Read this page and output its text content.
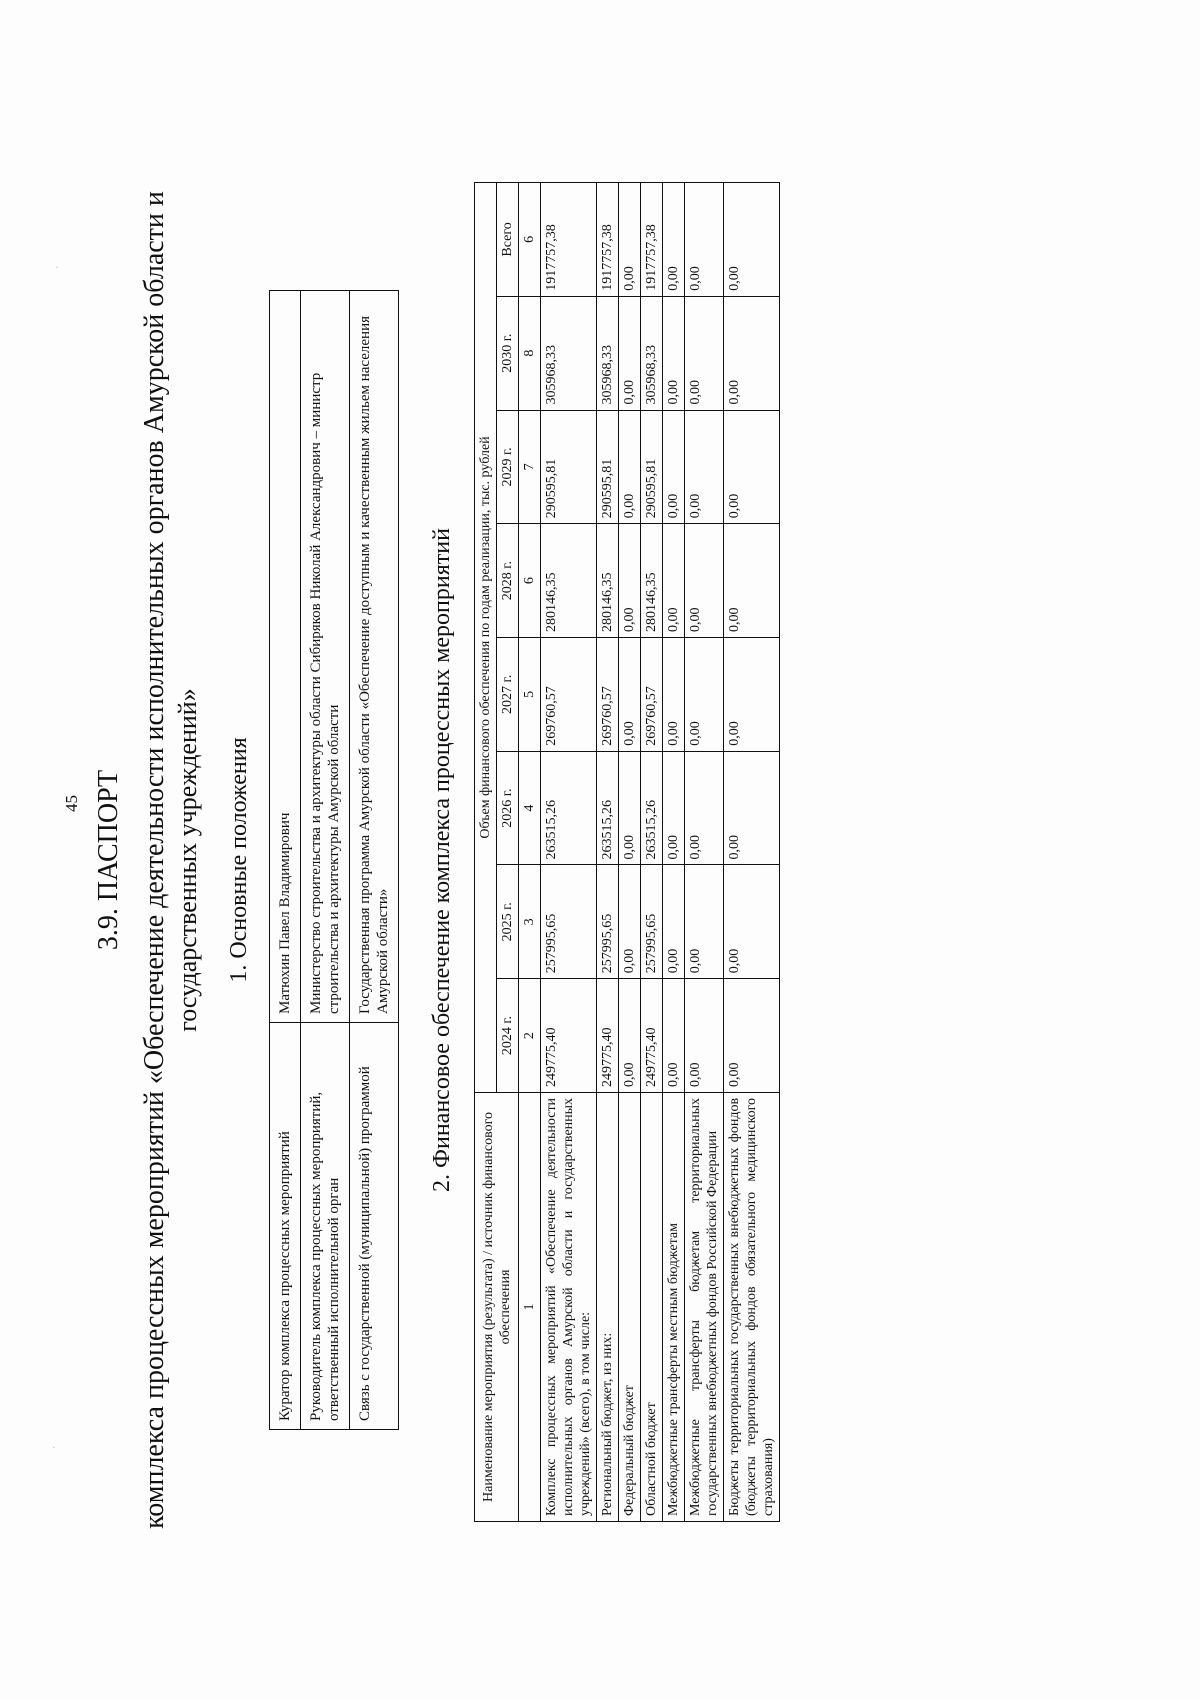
45 3.9. ПАСПОРТ комплекса процессных мероприятий «Обеспечение деятельности исполнительных органов Амурской области и государственных учреждений» 1. Основные положения
Куратор комплекса процессных мероприятий	Матюхин Павел Владимирович
Руководитель комплекса процессных мероприятий, ответственный исполнительной орган	Министерство строительства и архитектуры области Сибиряков Николай Александрович – министр строительства и архитектуры Амурской области
Связь с государственной (муниципальной) программой	Государственная программа Амурской области «Обеспечение доступным и качественным жильем населения Амурской области» 2. Финансовое обеспечение комплекса процессных мероприятий
Наименование мероприятия (результата) / источник финансового обеспечения	Объем финансового обеспечения по годам реализации, тыс. рублей							
	2024 г.	2025 г.	2026 г.	2027 г.	2028 г.	2029 г.	2030 г.	Всего
1	2	3	4	5	6	7	8	6
Комплекс процессных мероприятий «Обеспечение деятельности исполнительных органов Амурской области и государственных учреждений» (всего), в том числе:	249775,40	257995,65	263515,26	269760,57	280146,35	290595,81	305968,33	1917757,38
Региональный бюджет, из них:	249775,40	257995,65	263515,26	269760,57	280146,35	290595,81	305968,33	1917757,38
Федеральный бюджет	0,00	0,00	0,00	0,00	0,00	0,00	0,00	0,00
Областной бюджет	249775,40	257995,65	263515,26	269760,57	280146,35	290595,81	305968,33	1917757,38
Межбюджетные трансферты местным бюджетам	0,00	0,00	0,00	0,00	0,00	0,00	0,00	0,00
Межбюджетные трансферты бюджетам территориальных государственных внебюджетных фондов Российской Федерации	0,00	0,00	0,00	0,00	0,00	0,00	0,00	0,00
Бюджеты территориальных государственных внебюджетных фондов (бюджеты территориальных фондов обязательного медицинского страхования)	0,00	0,00	0,00	0,00	0,00	0,00	0,00	0,00
·
·
